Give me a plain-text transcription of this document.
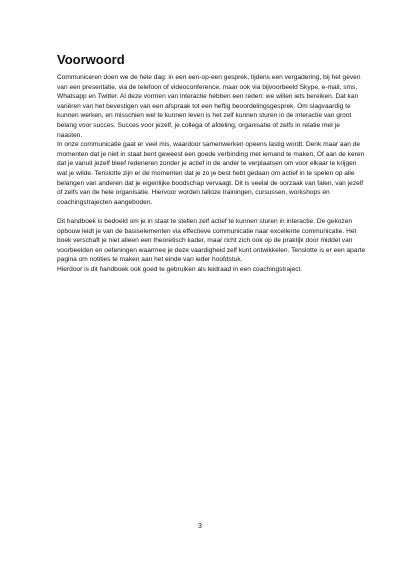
Voorwoord

Communiceren doen we de hele dag: in een een-op-een gesprek, tijdens een vergadering, bij het geven van een presentatie, via de telefoon of videoconference, maar ook via bijvoorbeeld Skype, e-mail, sms, Whatsapp en Twitter. Al deze vormen van interactie hebben een reden: we willen iets bereiken. Dat kan variëren van het bevestigen van een afspraak tot een heftig beoordelingsgesprek. Om slagvaardig te kunnen werken, en misschien wel te kunnen leven is het zelf kunnen sturen in de interactie van groot belang voor succes. Succes voor jezelf, je collega of afdeling, organisatie of zelfs in relatie met je naasten.

In onze communicatie gaat er veel mis, waardoor samenwerken opeens lastig wordt. Denk maar aan de momenten dat je niet in staat bent geweest een goede verbinding met iemand te maken. Of aan de keren dat je vanuit jezelf bleef redeneren zonder je actief in de ander te verplaatsen om voor elkaar te krijgen wat je wilde. Tenslotte zijn er de momenten dat je zo je best hebt gedaan om actief in te spelen op alle belangen van anderen dat je eigenlijke boodschap vervaagt. Dit is veelal de oorzaak van falen, van jezelf of zelfs van de hele organisatie. Hiervoor worden talloze trainingen, cursussen, workshops en coachingstrajecten aangeboden.

Dit handboek is bedoeld om je in staat te stellen zelf actief te kunnen sturen in interactie. De gekozen opbouw leidt je van de basiselementen via effectieve communicatie naar excellente communicatie. Het boek verschaft je niet alleen een theoretisch kader, maar richt zich ook op de praktijk door middel van voorbeelden en oefeningen waarmee je deze vaardigheid zelf kunt ontwikkelen. Tenslotte is er een aparte pagina om notities te maken aan het einde van ieder hoofdstuk.

Hierdoor is dit handboek ook goed te gebruiken als leidraad in een coachingstraject.

3
